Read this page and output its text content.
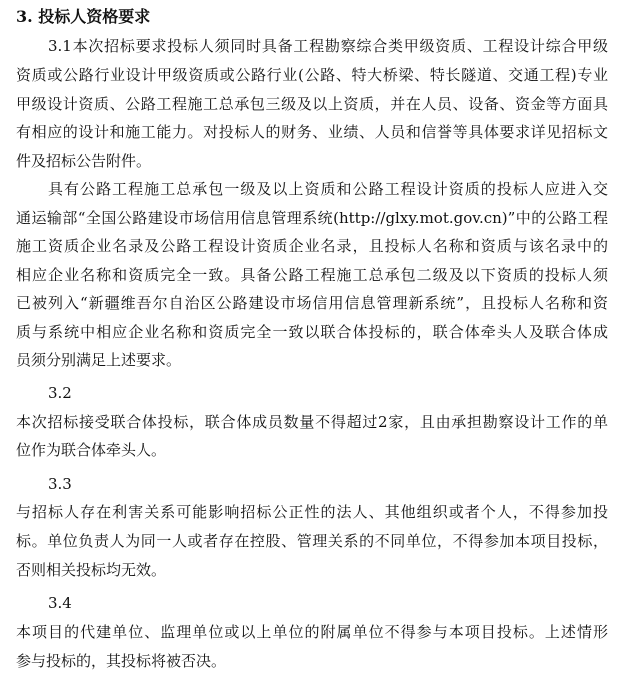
3. 投标人资格要求
3.1本次招标要求投标人须同时具备工程勘察综合类甲级资质、工程设计综合甲级
资质或公路行业设计甲级资质或公路行业(公路、特大桥梁、特长隧道、交通工程)专业
甲级设计资质、公路工程施工总承包三级及以上资质，并在人员、设备、资金等方面具
有相应的设计和施工能力。对投标人的财务、业绩、人员和信誉等具体要求详见招标文
件及招标公告附件。
具有公路工程施工总承包一级及以上资质和公路工程设计资质的投标人应进入交
通运输部“全国公路建设市场信用信息管理系统(http://glxy.mot.gov.cn)”中的公路工程
施工资质企业名录及公路工程设计资质企业名录，且投标人名称和资质与该名录中的
相应企业名称和资质完全一致。具备公路工程施工总承包二级及以下资质的投标人须
已被列入“新疆维吾尔自治区公路建设市场信用信息管理新系统”，且投标人名称和资
质与系统中相应企业名称和资质完全一致以联合体投标的，联合体牵头人及联合体成
员须分别满足上述要求。
3.2
本次招标接受联合体投标，联合体成员数量不得超过2家，且由承担勘察设计工作的单
位作为联合体牵头人。
3.3
与招标人存在利害关系可能影响招标公正性的法人、其他组织或者个人，不得参加投
标。单位负责人为同一人或者存在控股、管理关系的不同单位，不得参加本项目投标，
否则相关投标均无效。
3.4
本项目的代建单位、监理单位或以上单位的附属单位不得参与本项目投标。上述情形
参与投标的，其投标将被否决。
